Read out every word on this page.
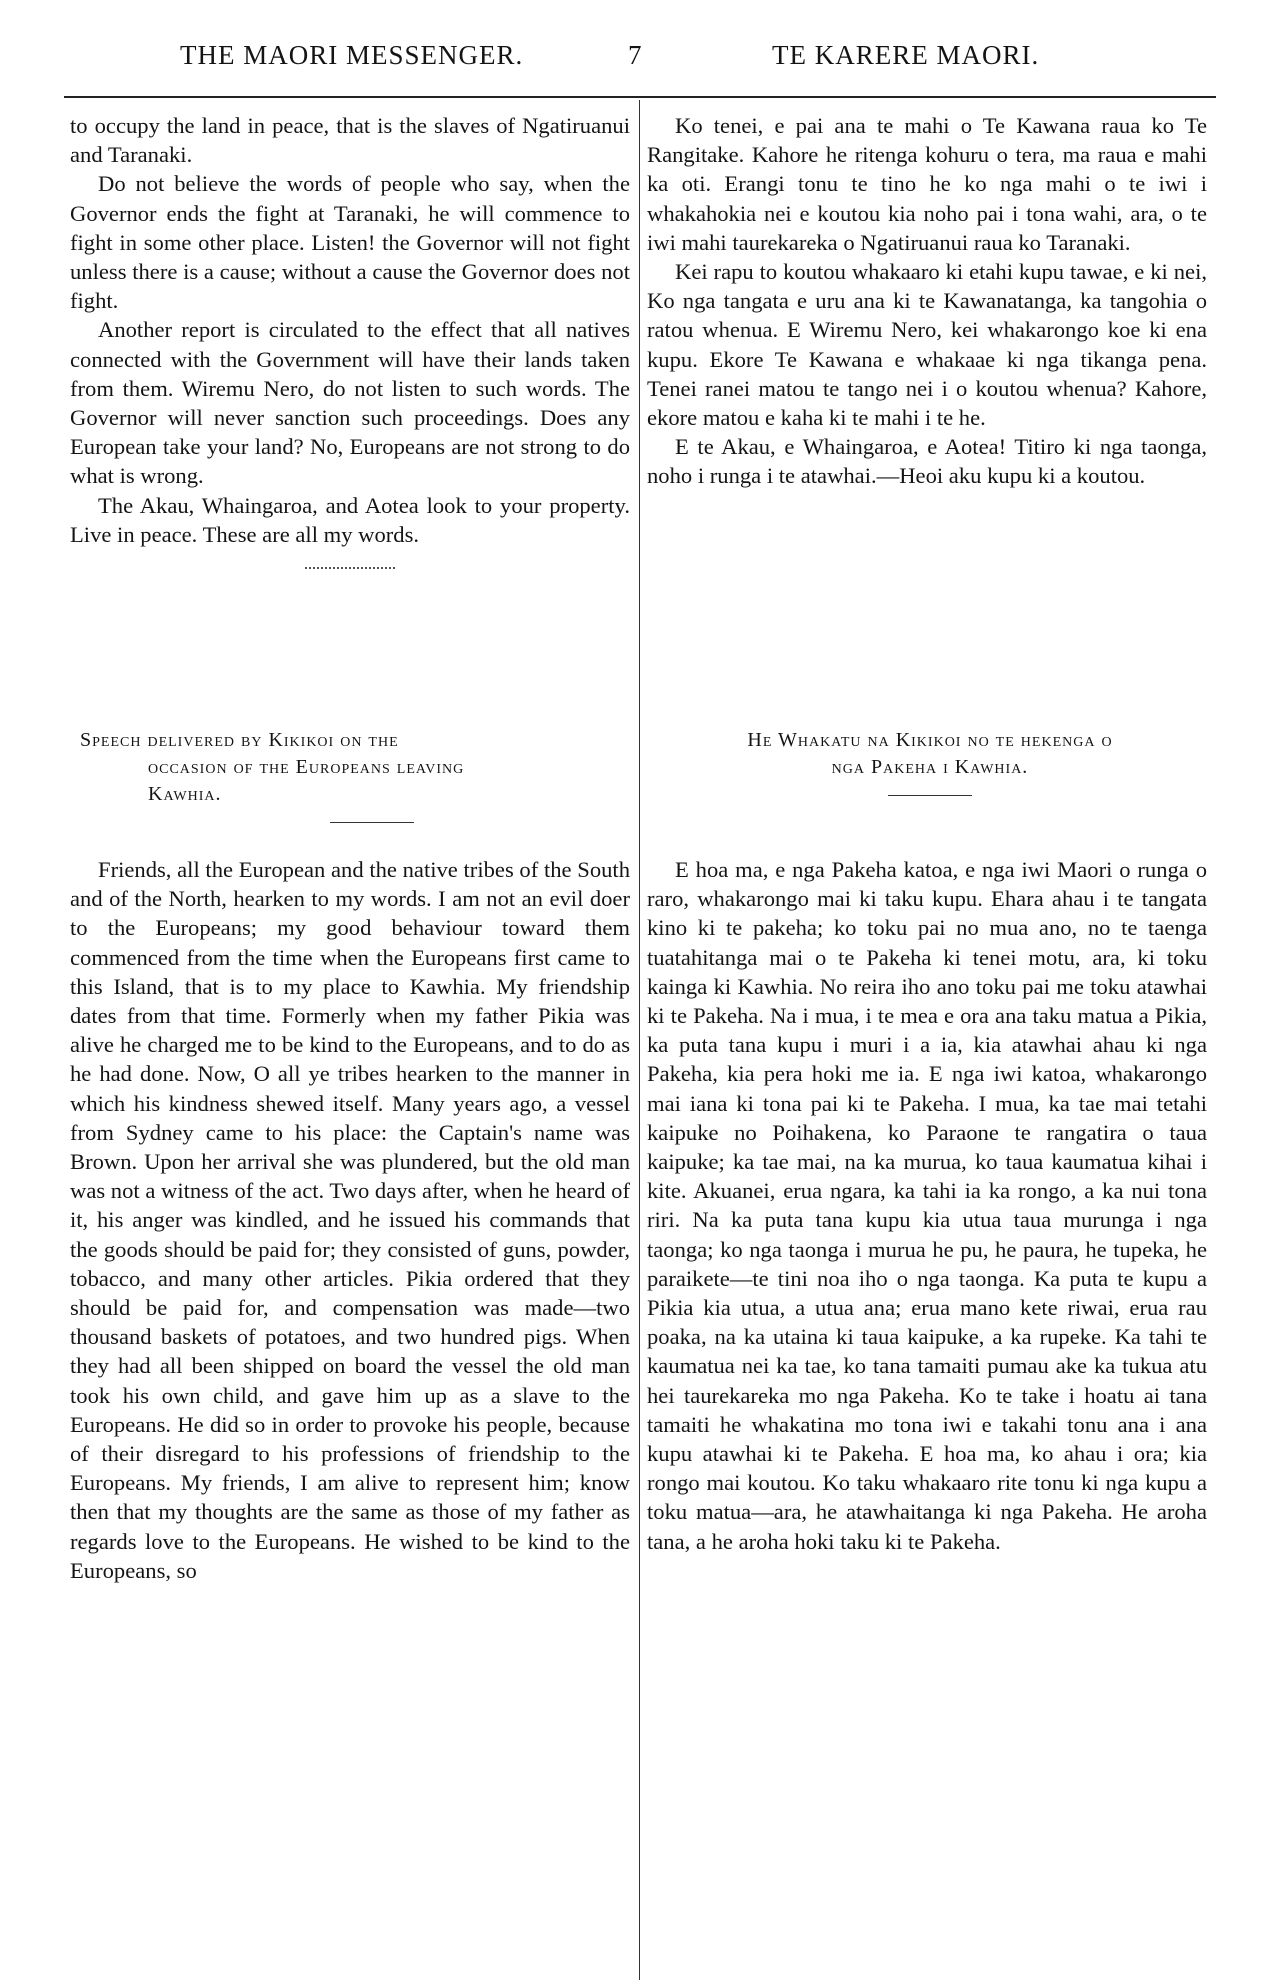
THE MAORI MESSENGER.	7	TE KARERE MAORI.

to occupy the land in peace, that is the slaves of Ngatiruanui and Taranaki.

Do not believe the words of people who say, when the Governor ends the fight at Taranaki, he will commence to fight in some other place. Listen! the Governor will not fight unless there is a cause; without a cause the Governor does not fight.

Another report is circulated to the effect that all natives connected with the Government will have their lands taken from them. Wiremu Nero, do not listen to such words. The Governor will never sanction such proceedings. Does any European take your land? No, Europeans are not strong to do what is wrong.

The Akau, Whaingaroa, and Aotea look to your property. Live in peace. These are all my words.

Ko tenei, e pai ana te mahi o Te Kawana raua ko Te Rangitake. Kahore he ritenga kohuru o tera, ma raua e mahi ka oti. Erangi tonu te tino he ko nga mahi o te iwi i whakahokia nei e koutou kia noho pai i tona wahi, ara, o te iwi mahi taurekareka o Ngatiruanui raua ko Taranaki.

Kei rapu to koutou whakaaro ki etahi kupu tawae, e ki nei, Ko nga tangata e uru ana ki te Kawanatanga, ka tangohia o ratou whenua. E Wiremu Nero, kei whakarongo koe ki ena kupu. Ekore Te Kawana e whakaae ki nga tikanga pena. Tenei ranei matou te tango nei i o koutou whenua? Kahore, ekore matou e kaha ki te mahi i te he.

E te Akau, e Whaingaroa, e Aotea! Titiro ki nga taonga, noho i runga i te atawhai.—Heoi aku kupu ki a koutou.

Speech delivered by Kikikoi on the
occasion of the Europeans leaving
Kawhia.
He Whakatu na Kikikoi no te hekenga o
nga Pakeha i Kawhia.

Friends, all the European and the native tribes of the South and of the North, hearken to my words. I am not an evil doer to the Europeans; my good behaviour toward them commenced from the time when the Europeans first came to this Island, that is to my place to Kawhia. My friendship dates from that time. Formerly when my father Pikia was alive he charged me to be kind to the Europeans, and to do as he had done. Now, O all ye tribes hearken to the manner in which his kindness shewed itself. Many years ago, a vessel from Sydney came to his place: the Captain's name was Brown. Upon her arrival she was plundered, but the old man was not a witness of the act. Two days after, when he heard of it, his anger was kindled, and he issued his commands that the goods should be paid for; they consisted of guns, powder, tobacco, and many other articles. Pikia ordered that they should be paid for, and compensation was made—two thousand baskets of potatoes, and two hundred pigs. When they had all been shipped on board the vessel the old man took his own child, and gave him up as a slave to the Europeans. He did so in order to provoke his people, because of their disregard to his professions of friendship to the Europeans. My friends, I am alive to represent him; know then that my thoughts are the same as those of my father as regards love to the Europeans. He wished to be kind to the Europeans, so

E hoa ma, e nga Pakeha katoa, e nga iwi Maori o runga o raro, whakarongo mai ki taku kupu. Ehara ahau i te tangata kino ki te pakeha; ko toku pai no mua ano, no te taenga tuatahitanga mai o te Pakeha ki tenei motu, ara, ki toku kainga ki Kawhia. No reira iho ano toku pai me toku atawhai ki te Pakeha. Na i mua, i te mea e ora ana taku matua a Pikia, ka puta tana kupu i muri i a ia, kia atawhai ahau ki nga Pakeha, kia pera hoki me ia. E nga iwi katoa, whakarongo mai iana ki tona pai ki te Pakeha. I mua, ka tae mai tetahi kaipuke no Poihakena, ko Paraone te rangatira o taua kaipuke; ka tae mai, na ka murua, ko taua kaumatua kihai i kite. Akuanei, erua ngara, ka tahi ia ka rongo, a ka nui tona riri. Na ka puta tana kupu kia utua taua murunga i nga taonga; ko nga taonga i murua he pu, he paura, he tupeka, he paraikete—te tini noa iho o nga taonga. Ka puta te kupu a Pikia kia utua, a utua ana; erua mano kete riwai, erua rau poaka, na ka utaina ki taua kaipuke, a ka rupeke. Ka tahi te kaumatua nei ka tae, ko tana tamaiti pumau ake ka tukua atu hei taurekareka mo nga Pakeha. Ko te take i hoatu ai tana tamaiti he whakatina mo tona iwi e takahi tonu ana i ana kupu atawhai ki te Pakeha. E hoa ma, ko ahau i ora; kia rongo mai koutou. Ko taku whakaaro rite tonu ki nga kupu a toku matua—ara, he atawhaitanga ki nga Pakeha. He aroha tana, a he aroha hoki taku ki te Pakeha.
